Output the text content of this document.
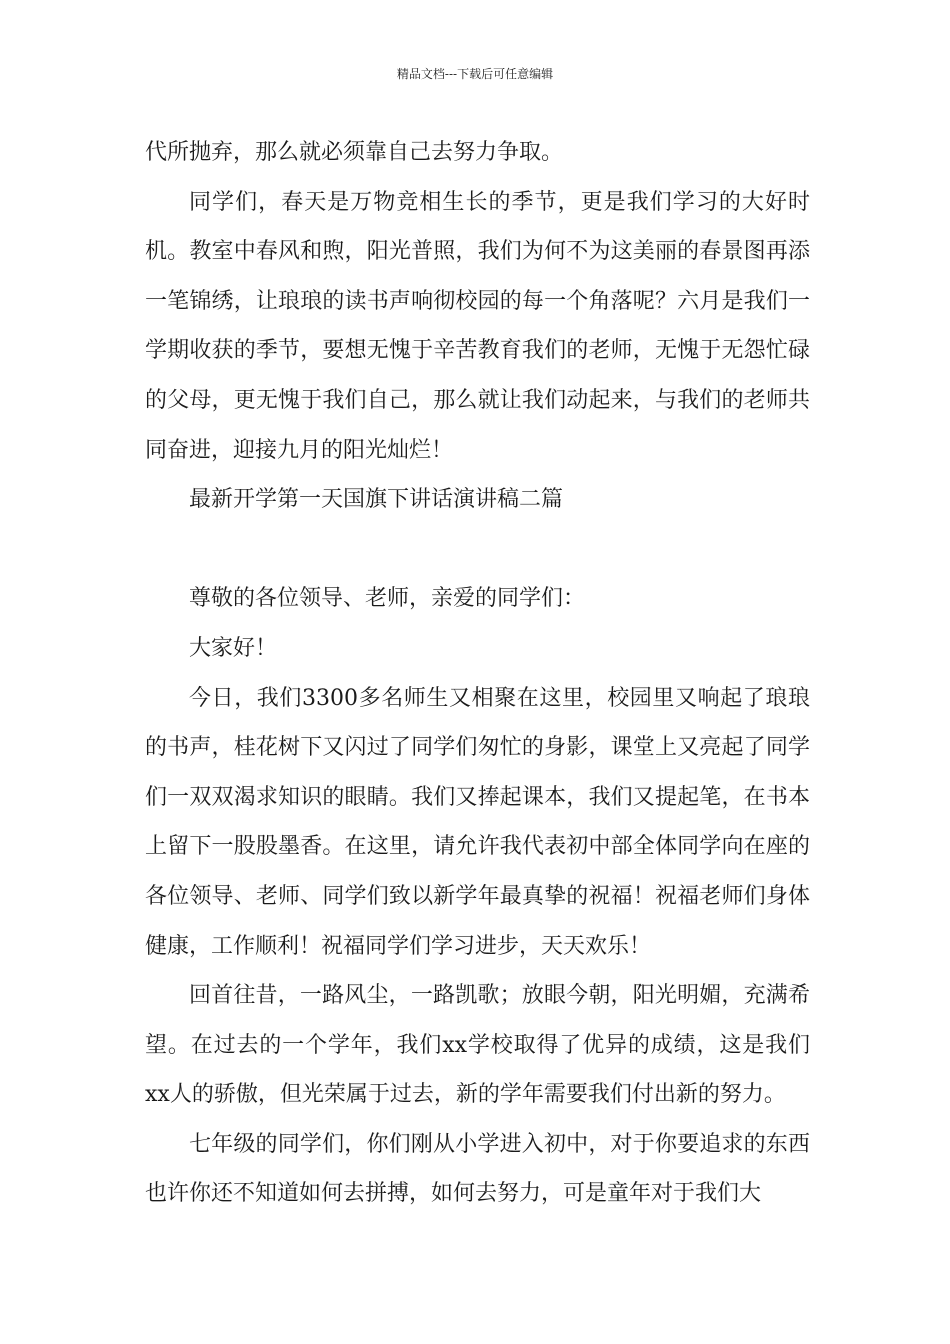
精品文档---下载后可任意编辑

代所抛弃，那么就必须靠自己去努力争取。

同学们，春天是万物竞相生长的季节，更是我们学习的大好时机。教室中春风和煦，阳光普照，我们为何不为这美丽的春景图再添一笔锦绣，让琅琅的读书声响彻校园的每一个角落呢？六月是我们一学期收获的季节，要想无愧于辛苦教育我们的老师，无愧于无怨忙碌的父母，更无愧于我们自己，那么就让我们动起来，与我们的老师共同奋进，迎接九月的阳光灿烂！

最新开学第一天国旗下讲话演讲稿二篇

尊敬的各位领导、老师，亲爱的同学们：

大家好！

今日，我们3300多名师生又相聚在这里，校园里又响起了琅琅的书声，桂花树下又闪过了同学们匆忙的身影，课堂上又亮起了同学们一双双渴求知识的眼睛。我们又捧起课本，我们又提起笔，在书本上留下一股股墨香。在这里，请允许我代表初中部全体同学向在座的各位领导、老师、同学们致以新学年最真挚的祝福！祝福老师们身体健康，工作顺利！祝福同学们学习进步，天天欢乐！

回首往昔，一路风尘，一路凯歌；放眼今朝，阳光明媚，充满希望。在过去的一个学年，我们xx学校取得了优异的成绩，这是我们xx人的骄傲，但光荣属于过去，新的学年需要我们付出新的努力。

七年级的同学们，你们刚从小学进入初中，对于你要追求的东西也许你还不知道如何去拼搏，如何去努力，可是童年对于我们大
